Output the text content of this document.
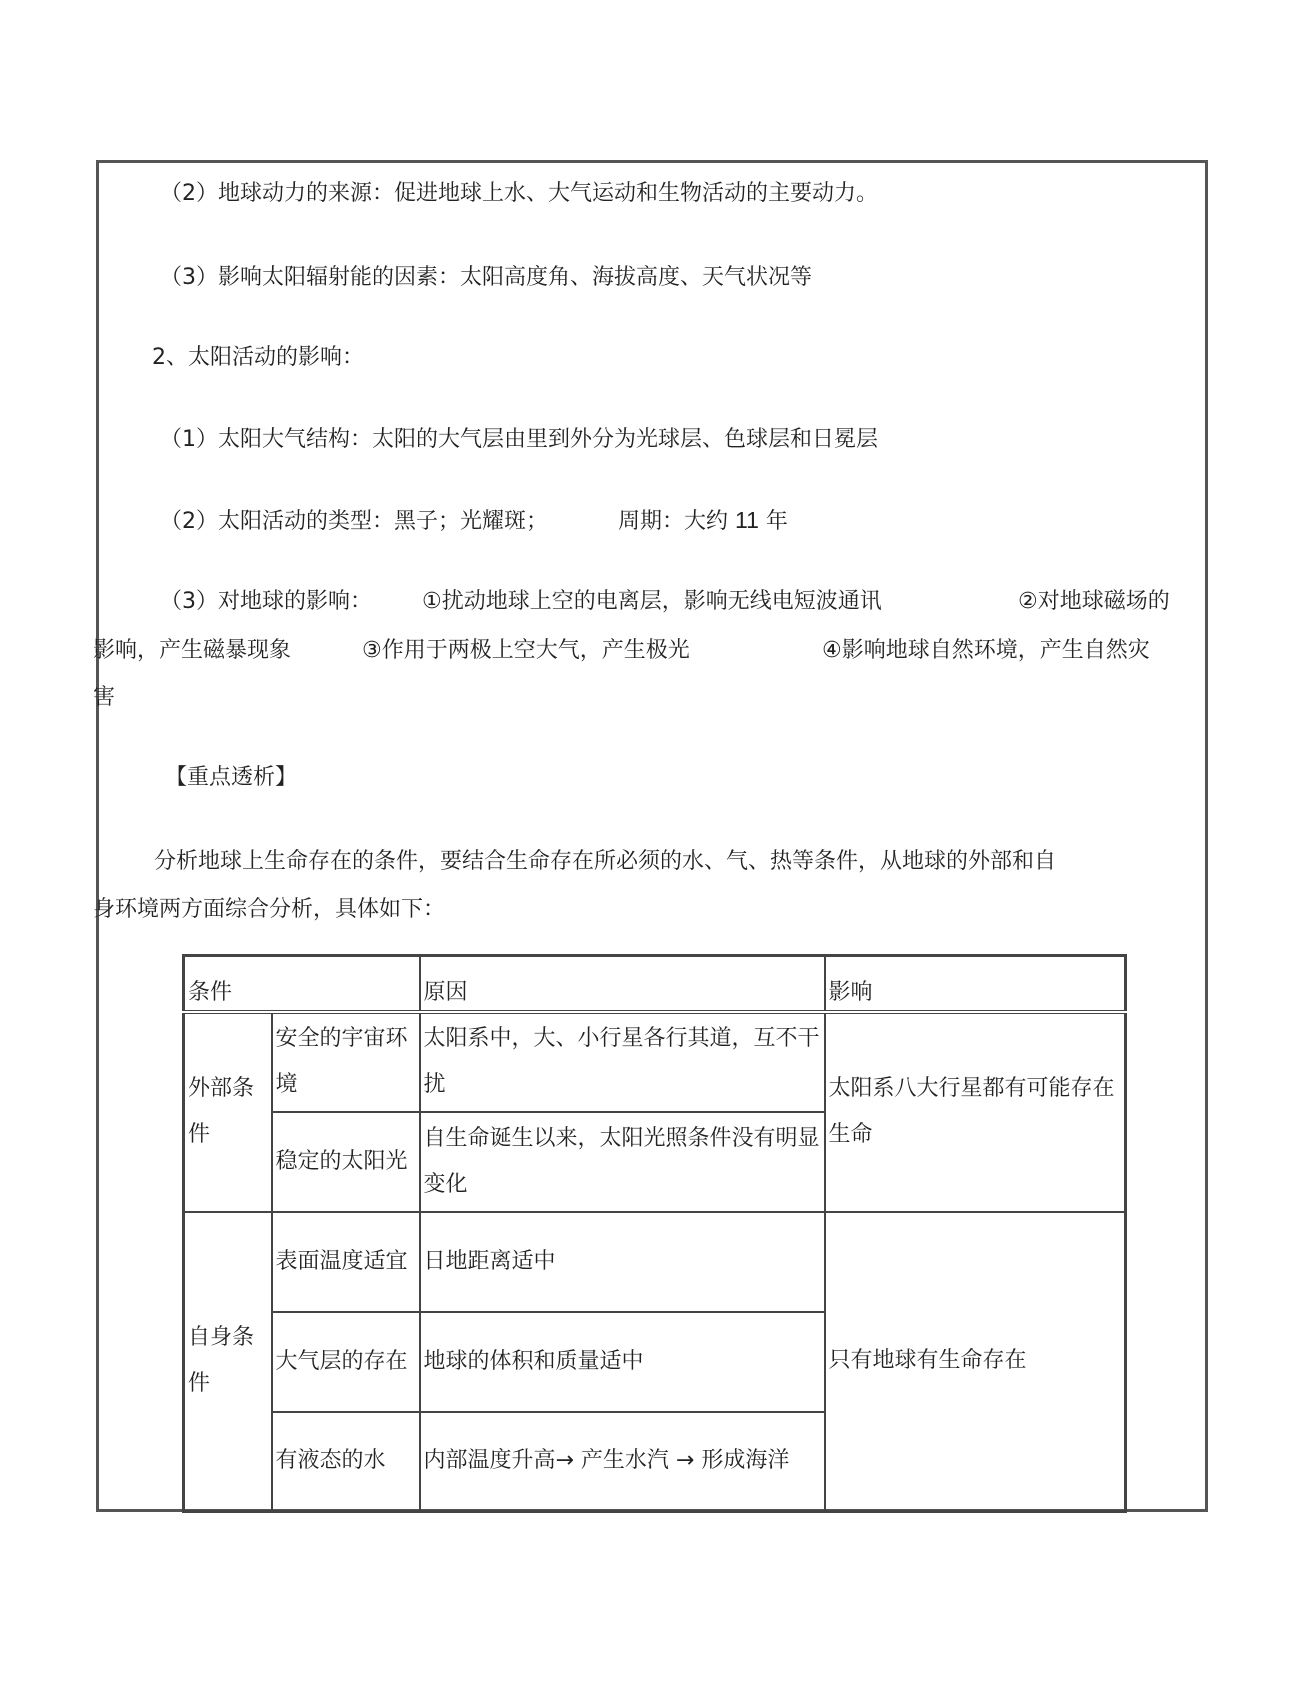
（2）地球动力的来源：促进地球上水、大气运动和生物活动的主要动力。
（3）影响太阳辐射能的因素：太阳高度角、海拔高度、天气状况等
2、太阳活动的影响：
（1）太阳大气结构：太阳的大气层由里到外分为光球层、色球层和日冕层
（2）太阳活动的类型：黑子；光耀斑；	周期：大约 11 年
（3）对地球的影响： ①扰动地球上空的电离层，影响无线电短波通讯	②对地球磁场的
影响，产生磁暴现象	③作用于两极上空大气，产生极光	④影响地球自然环境，产生自然灾
害
【重点透析】
分析地球上生命存在的条件，要结合生命存在所必须的水、气、热等条件，从地球的外部和自
身环境两方面综合分析，具体如下：
条件		原因	影响
外部条件	安全的宇宙环境	太阳系中，大、小行星各行其道，互不干扰	太阳系八大行星都有可能存在生命
	稳定的太阳光	自生命诞生以来，太阳光照条件没有明显变化	
自身条件	表面温度适宜	日地距离适中	只有地球有生命存在
	大气层的存在	地球的体积和质量适中	
	有液态的水	内部温度升高→ 产生水汽 → 形成海洋	
